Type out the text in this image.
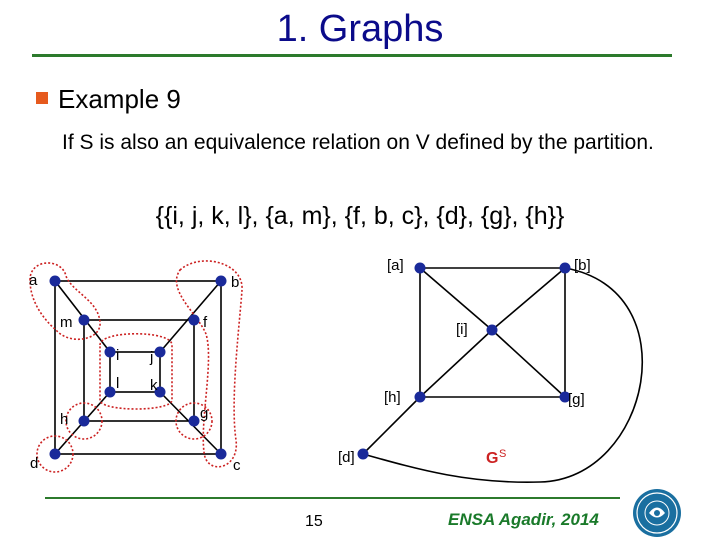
1. Graphs
Example 9
If S is also an equivalence relation on V defined by the partition.
{{i, j, k, l}, {a, m}, {f, b, c}, {d}, {g}, {h}}
a	b
m	f
i j
l k
h	g
d	c
[a]	[b]
[i]
[h]	[g]
[d]	G S
15	ENSA Agadir, 2014
